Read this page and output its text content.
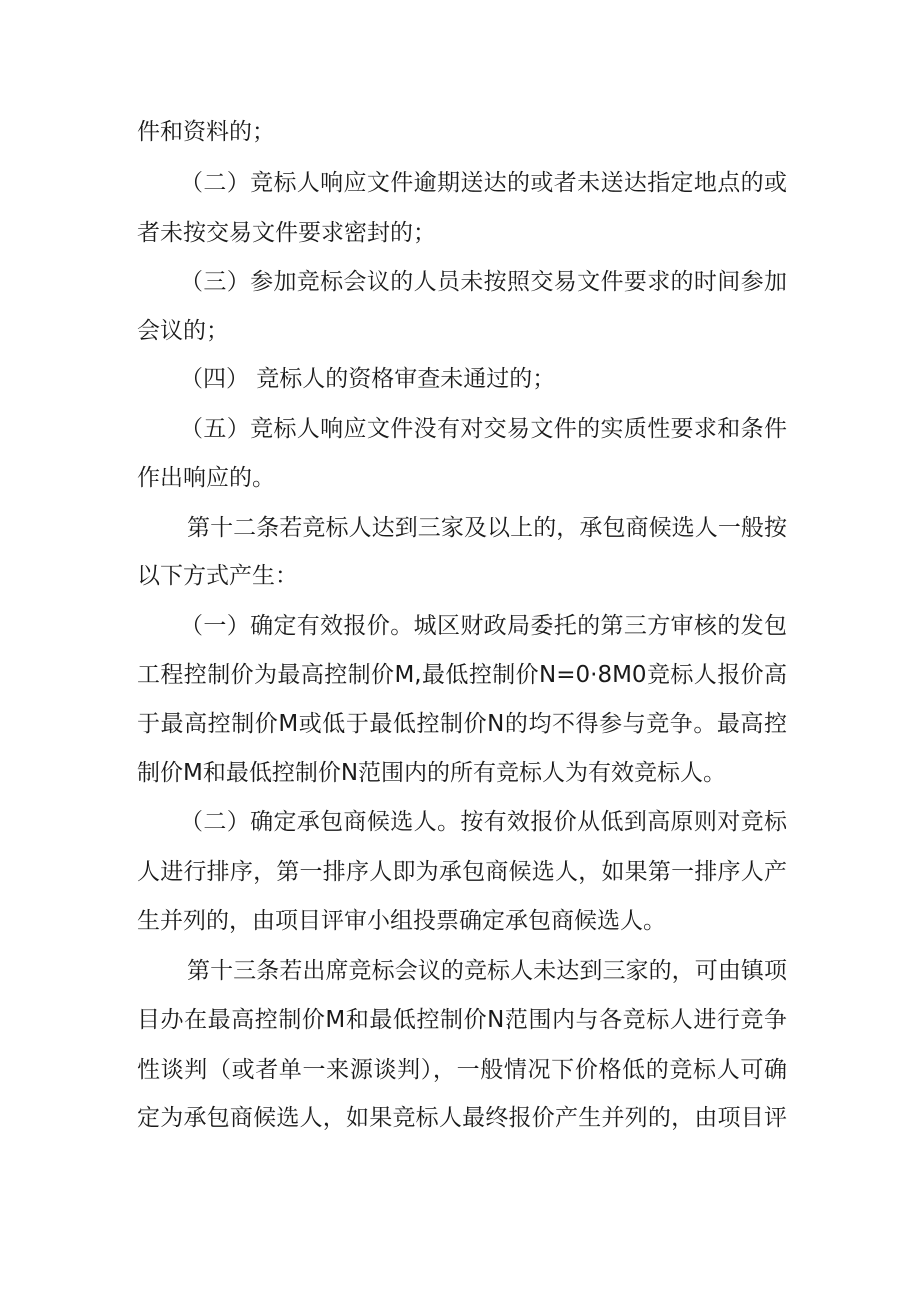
件和资料的；
（二）竞标人响应文件逾期送达的或者未送达指定地点的或
者未按交易文件要求密封的；
（三）参加竞标会议的人员未按照交易文件要求的时间参加
会议的；
（四） 竞标人的资格审查未通过的；
（五）竞标人响应文件没有对交易文件的实质性要求和条件
作出响应的。
第十二条若竞标人达到三家及以上的，承包商候选人一般按
以下方式产生：
（一）确定有效报价。城区财政局委托的第三方审核的发包
工程控制价为最高控制价M,最低控制价N=0·8M0竞标人报价高
于最高控制价M或低于最低控制价N的均不得参与竞争。最高控
制价M和最低控制价N范围内的所有竞标人为有效竞标人。
（二）确定承包商候选人。按有效报价从低到高原则对竞标
人进行排序，第一排序人即为承包商候选人，如果第一排序人产
生并列的，由项目评审小组投票确定承包商候选人。
第十三条若出席竞标会议的竞标人未达到三家的，可由镇项
目办在最高控制价M和最低控制价N范围内与各竞标人进行竞争
性谈判（或者单一来源谈判），一般情况下价格低的竞标人可确
定为承包商候选人，如果竞标人最终报价产生并列的，由项目评
